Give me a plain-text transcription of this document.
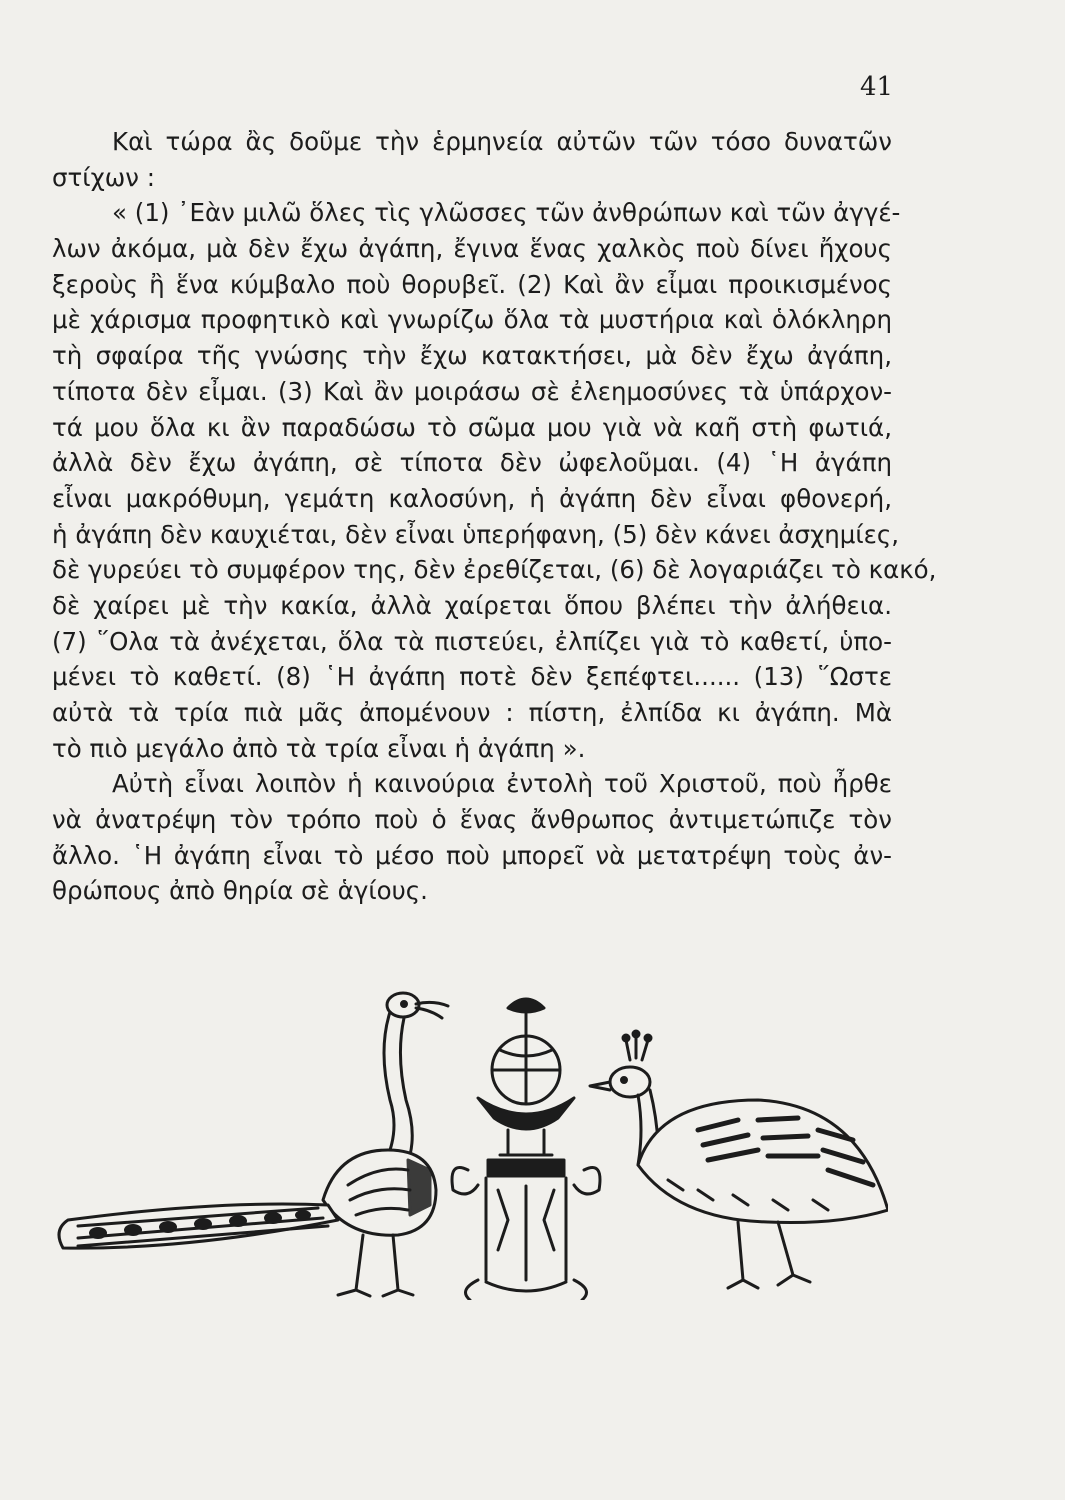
41
Καὶ τώρα ἂς δοῦμε τὴν ἑρμηνεία αὐτῶν τῶν τόσο δυνατῶν
στίχων :
« (1) ᾽Εὰν μιλῶ ὅλες τὶς γλῶσσες τῶν ἀνθρώπων καὶ τῶν ἀγγέ-
λων ἀκόμα, μὰ δὲν ἔχω ἀγάπη, ἔγινα ἕνας χαλκὸς ποὺ δίνει ἤχους
ξεροὺς ἢ ἕνα κύμβαλο ποὺ θορυβεῖ. (2) Καὶ ἂν εἶμαι προικισμένος
μὲ χάρισμα προφητικὸ καὶ γνωρίζω ὅλα τὰ μυστήρια καὶ ὁλόκληρη
τὴ σφαίρα τῆς γνώσης τὴν ἔχω κατακτήσει, μὰ δὲν ἔχω ἀγάπη,
τίποτα δὲν εἶμαι. (3) Καὶ ἂν μοιράσω σὲ ἐλεημοσύνες τὰ ὑπάρχον-
τά μου ὅλα κι ἂν παραδώσω τὸ σῶμα μου γιὰ νὰ καῆ στὴ φωτιά,
ἀλλὰ δὲν ἔχω ἀγάπη, σὲ τίποτα δὲν ὠφελοῦμαι. (4) ῾Η ἀγάπη
εἶναι μακρόθυμη, γεμάτη καλοσύνη, ἡ ἀγάπη δὲν εἶναι φθονερή,
ἡ ἀγάπη δὲν καυχιέται, δὲν εἶναι ὑπερήφανη, (5) δὲν κάνει ἀσχημίες,
δὲ γυρεύει τὸ συμφέρον της, δὲν ἐρεθίζεται, (6) δὲ λογαριάζει τὸ κακό,
δὲ χαίρει μὲ τὴν κακία, ἀλλὰ χαίρεται ὅπου βλέπει τὴν ἀλήθεια.
(7) ῞Ολα τὰ ἀνέχεται, ὅλα τὰ πιστεύει, ἐλπίζει γιὰ τὸ καθετί, ὑπο-
μένει τὸ καθετί. (8) ῾Η ἀγάπη ποτὲ δὲν ξεπέφτει...... (13) ῞Ωστε
αὐτὰ τὰ τρία πιὰ μᾶς ἀπομένουν : πίστη, ἐλπίδα κι ἀγάπη. Μὰ
τὸ πιὸ μεγάλο ἀπὸ τὰ τρία εἶναι ἡ ἀγάπη ».
Αὐτὴ εἶναι λοιπὸν ἡ καινούρια ἐντολὴ τοῦ Χριστοῦ, ποὺ ἦρθε
νὰ ἀνατρέψη τὸν τρόπο ποὺ ὁ ἕνας ἄνθρωπος ἀντιμετώπιζε τὸν
ἄλλο. ῾Η ἀγάπη εἶναι τὸ μέσο ποὺ μπορεῖ νὰ μετατρέψη τοὺς ἀν-
θρώπους ἀπὸ θηρία σὲ ἁγίους.
